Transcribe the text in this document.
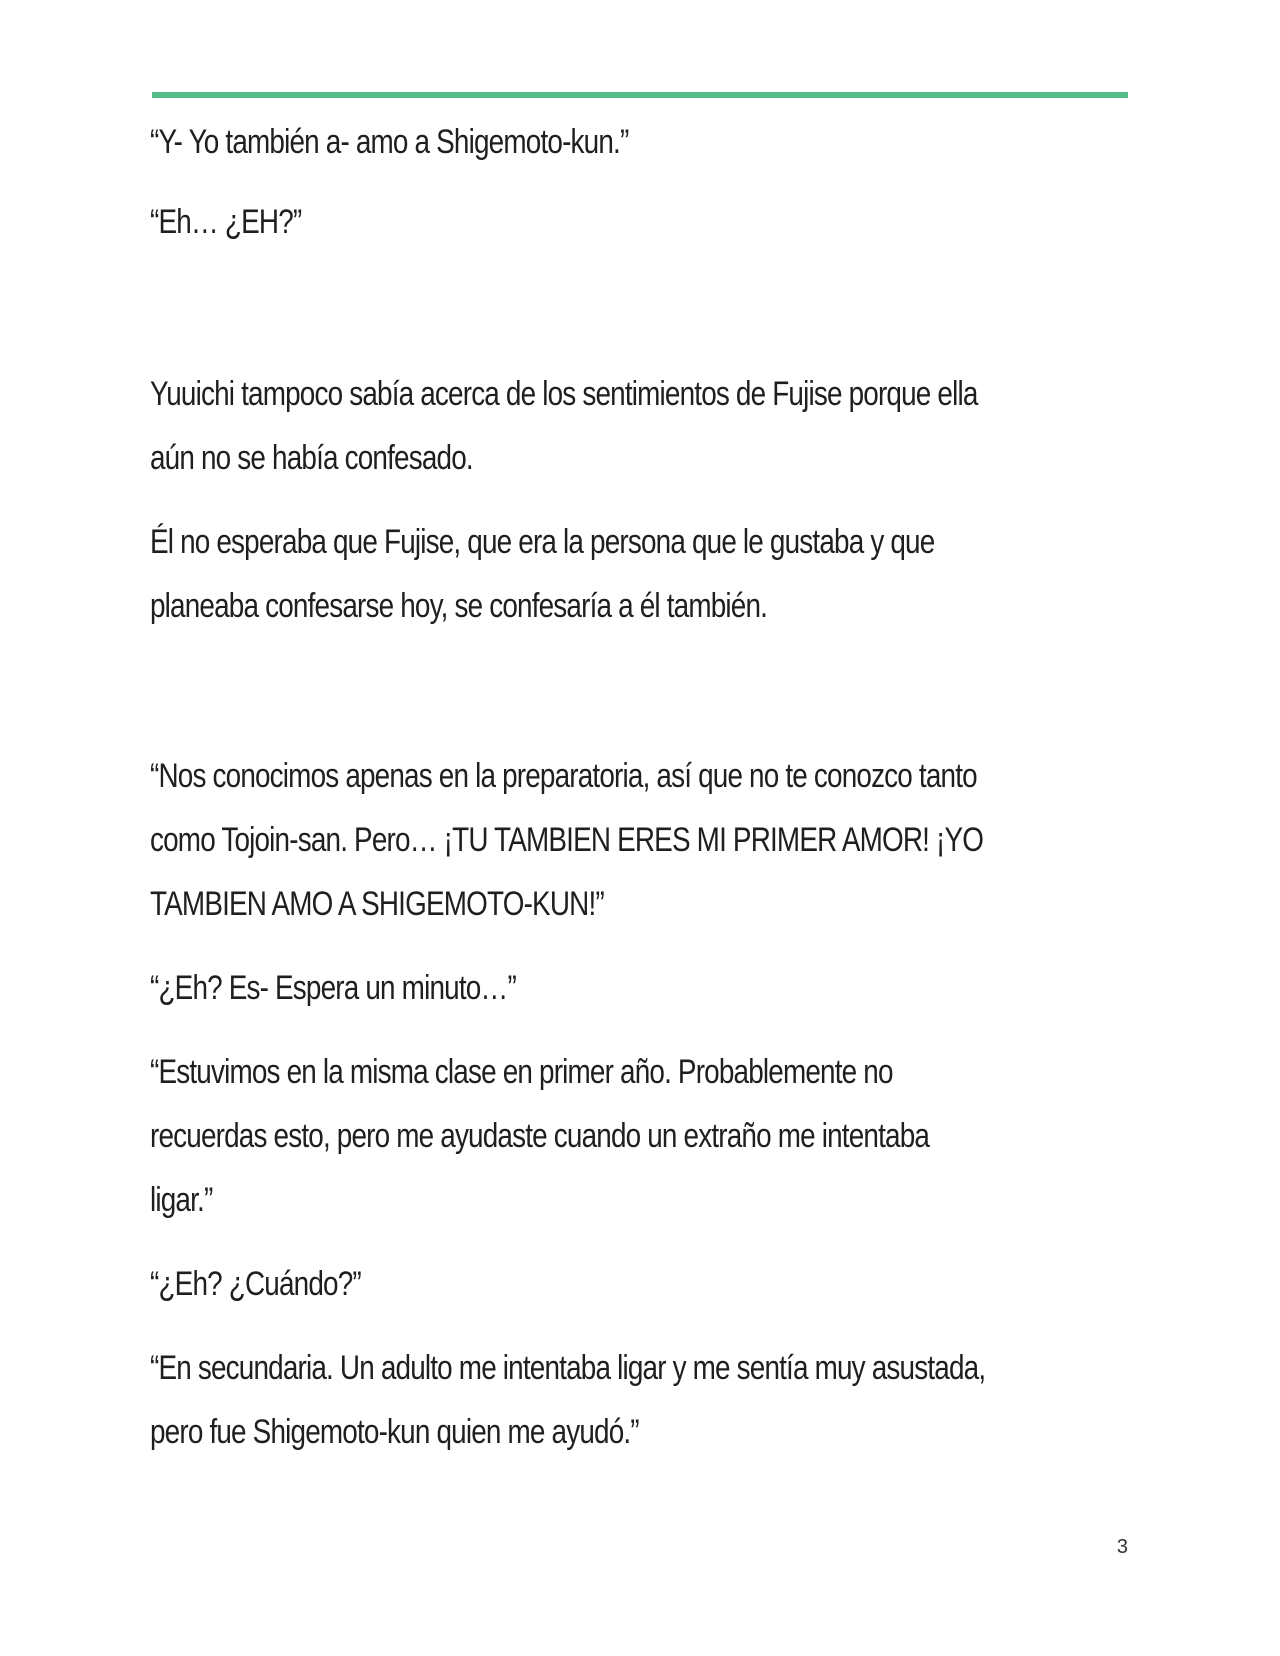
“Y- Yo también a- amo a Shigemoto-kun.”

“Eh… ¿EH?”

Yuuichi tampoco sabía acerca de los sentimientos de Fujise porque ella
aún no se había confesado.

Él no esperaba que Fujise, que era la persona que le gustaba y que
planeaba confesarse hoy, se confesaría a él también.

“Nos conocimos apenas en la preparatoria, así que no te conozco tanto
como Tojoin-san. Pero… ¡TU TAMBIEN ERES MI PRIMER AMOR! ¡YO
TAMBIEN AMO A SHIGEMOTO-KUN!”

“¿Eh? Es- Espera un minuto…”

“Estuvimos en la misma clase en primer año. Probablemente no
recuerdas esto, pero me ayudaste cuando un extraño me intentaba
ligar.”

“¿Eh? ¿Cuándo?”

“En secundaria. Un adulto me intentaba ligar y me sentía muy asustada,
pero fue Shigemoto-kun quien me ayudó.”

3
